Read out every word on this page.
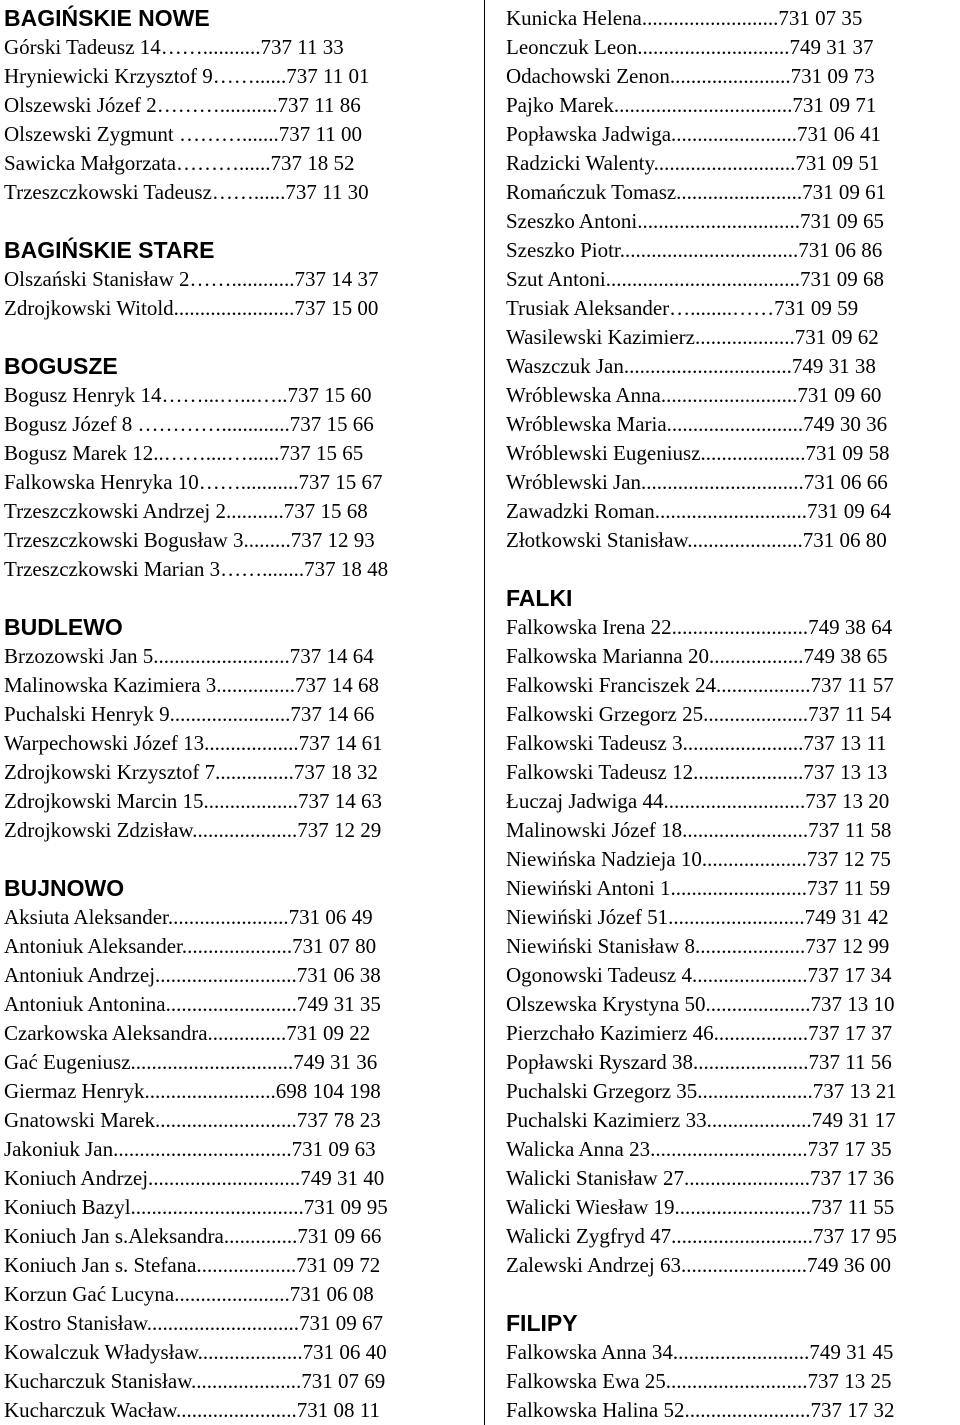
BAGIŃSKIE NOWE
Górski Tadeusz 14……...........737 11 33
Hryniewicki Krzysztof 9……......737 11 01
Olszewski Józef 2………...........737 11 86
Olszewski Zygmunt ……….......737 11 00
Sawicka Małgorzata………......737 18 52
Trzeszczkowski Tadeusz……......737 11 30
BAGIŃSKIE STARE
Olszański Stanisław 2……............737 14 37
Zdrojkowski Witold.......................737 15 00
BOGUSZE
Bogusz Henryk 14……...…...…..737 15 60
Bogusz Józef 8 ………….............737 15 66
Bogusz Marek 12..……....…......737 15 65
Falkowska Henryka 10……...........737 15 67
Trzeszczkowski Andrzej 2...........737 15 68
Trzeszczkowski Bogusław 3.........737 12 93
Trzeszczkowski Marian 3……........737 18 48
BUDLEWO
Brzozowski Jan 5..........................737 14 64
Malinowska Kazimiera 3...............737 14 68
Puchalski Henryk 9.......................737 14 66
Warpechowski Józef 13..................737 14 61
Zdrojkowski Krzysztof 7...............737 18 32
Zdrojkowski Marcin 15..................737 14 63
Zdrojkowski Zdzisław....................737 12 29
BUJNOWO
Aksiuta Aleksander.......................731 06 49
Antoniuk Aleksander.....................731 07 80
Antoniuk Andrzej...........................731 06 38
Antoniuk Antonina.........................749 31 35
Czarkowska Aleksandra...............731 09 22
Gać Eugeniusz...............................749 31 36
Giermaz Henryk.........................698 104 198
Gnatowski Marek...........................737 78 23
Jakoniuk Jan..................................731 09 63
Koniuch Andrzej.............................749 31 40
Koniuch Bazyl.................................731 09 95
Koniuch Jan s.Aleksandra..............731 09 66
Koniuch Jan s. Stefana...................731 09 72
Korzun Gać Lucyna......................731 06 08
Kostro Stanisław.............................731 09 67
Kowalczuk Władysław....................731 06 40
Kucharczuk Stanisław.....................731 07 69
Kucharczuk Wacław.......................731 08 11
Kunicka Helena..........................731 07 35
Leonczuk Leon.............................749 31 37
Odachowski Zenon.......................731 09 73
Pajko Marek..................................731 09 71
Popławska Jadwiga........................731 06 41
Radzicki Walenty...........................731 09 51
Romańczuk Tomasz........................731 09 61
Szeszko Antoni...............................731 09 65
Szeszko Piotr..................................731 06 86
Szut Antoni.....................................731 09 68
Trusiak Aleksander…........……731 09 59
Wasilewski Kazimierz...................731 09 62
Waszczuk Jan................................749 31 38
Wróblewska Anna..........................731 09 60
Wróblewska Maria..........................749 30 36
Wróblewski Eugeniusz....................731 09 58
Wróblewski Jan...............................731 06 66
Zawadzki Roman.............................731 09 64
Złotkowski Stanisław......................731 06 80
FALKI
Falkowska Irena 22..........................749 38 64
Falkowska Marianna 20..................749 38 65
Falkowski Franciszek 24..................737 11 57
Falkowski Grzegorz 25....................737 11 54
Falkowski Tadeusz 3.......................737 13 11
Falkowski Tadeusz 12.....................737 13 13
Łuczaj Jadwiga 44...........................737 13 20
Malinowski Józef 18........................737 11 58
Niewińska Nadzieja 10....................737 12 75
Niewiński Antoni 1..........................737 11 59
Niewiński Józef 51..........................749 31 42
Niewiński Stanisław 8.....................737 12 99
Ogonowski Tadeusz 4......................737 17 34
Olszewska Krystyna 50....................737 13 10
Pierzchało Kazimierz 46..................737 17 37
Popławski Ryszard 38......................737 11 56
Puchalski Grzegorz 35......................737 13 21
Puchalski Kazimierz 33....................749 31 17
Walicka Anna 23..............................737 17 35
Walicki Stanisław 27........................737 17 36
Walicki Wiesław 19..........................737 11 55
Walicki Zygfryd 47...........................737 17 95
Zalewski Andrzej 63........................749 36 00
FILIPY
Falkowska Anna 34..........................749 31 45
Falkowska Ewa 25...........................737 13 25
Falkowska Halina 52........................737 17 32
